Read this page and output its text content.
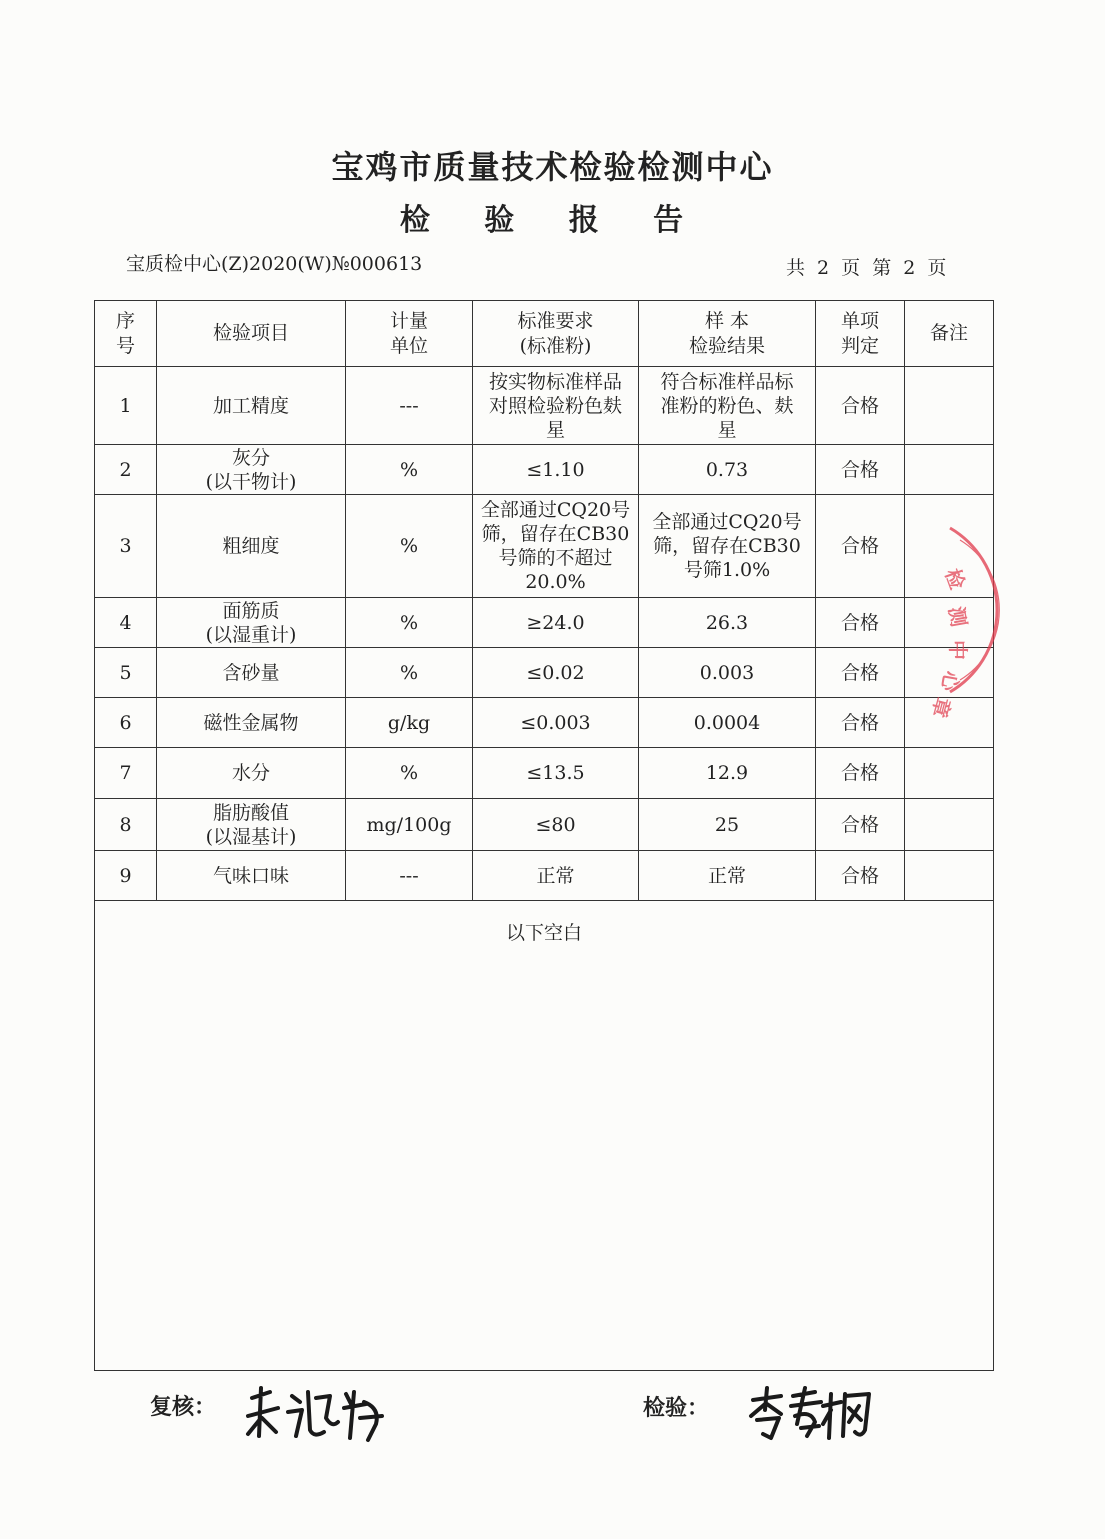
宝鸡市质量技术检验检测中心
检 验 报 告
宝质检中心(Z)2020(W)№000613	共 2 页 第 2 页
序
号	检验项目	计量
单位	标准要求
(标准粉)	样 本
检验结果	单项
判定	备注
1	加工精度	---	按实物标准样品
对照检验粉色麸
星	符合标准样品标
准粉的粉色、麸
星	合格	
2	灰分
(以干物计)	%	≤1.10	0.73	合格	
3	粗细度	%	全部通过CQ20号
筛，留存在CB30
号筛的不超过
20.0%	全部通过CQ20号
筛，留存在CB30
号筛1.0%	合格	
4	面筋质
(以湿重计)	%	≥24.0	26.3	合格	
5	含砂量	%	≤0.02	0.003	合格	
6	磁性金属物	g/kg	≤0.003	0.0004	合格	
7	水分	%	≤13.5	12.9	合格	
8	脂肪酸值
(以湿基计)	mg/100g	≤80	25	合格	
9	气味口味	---	正常	正常	合格	
以下空白						
检
测
中
心
章
复核：	检验：
